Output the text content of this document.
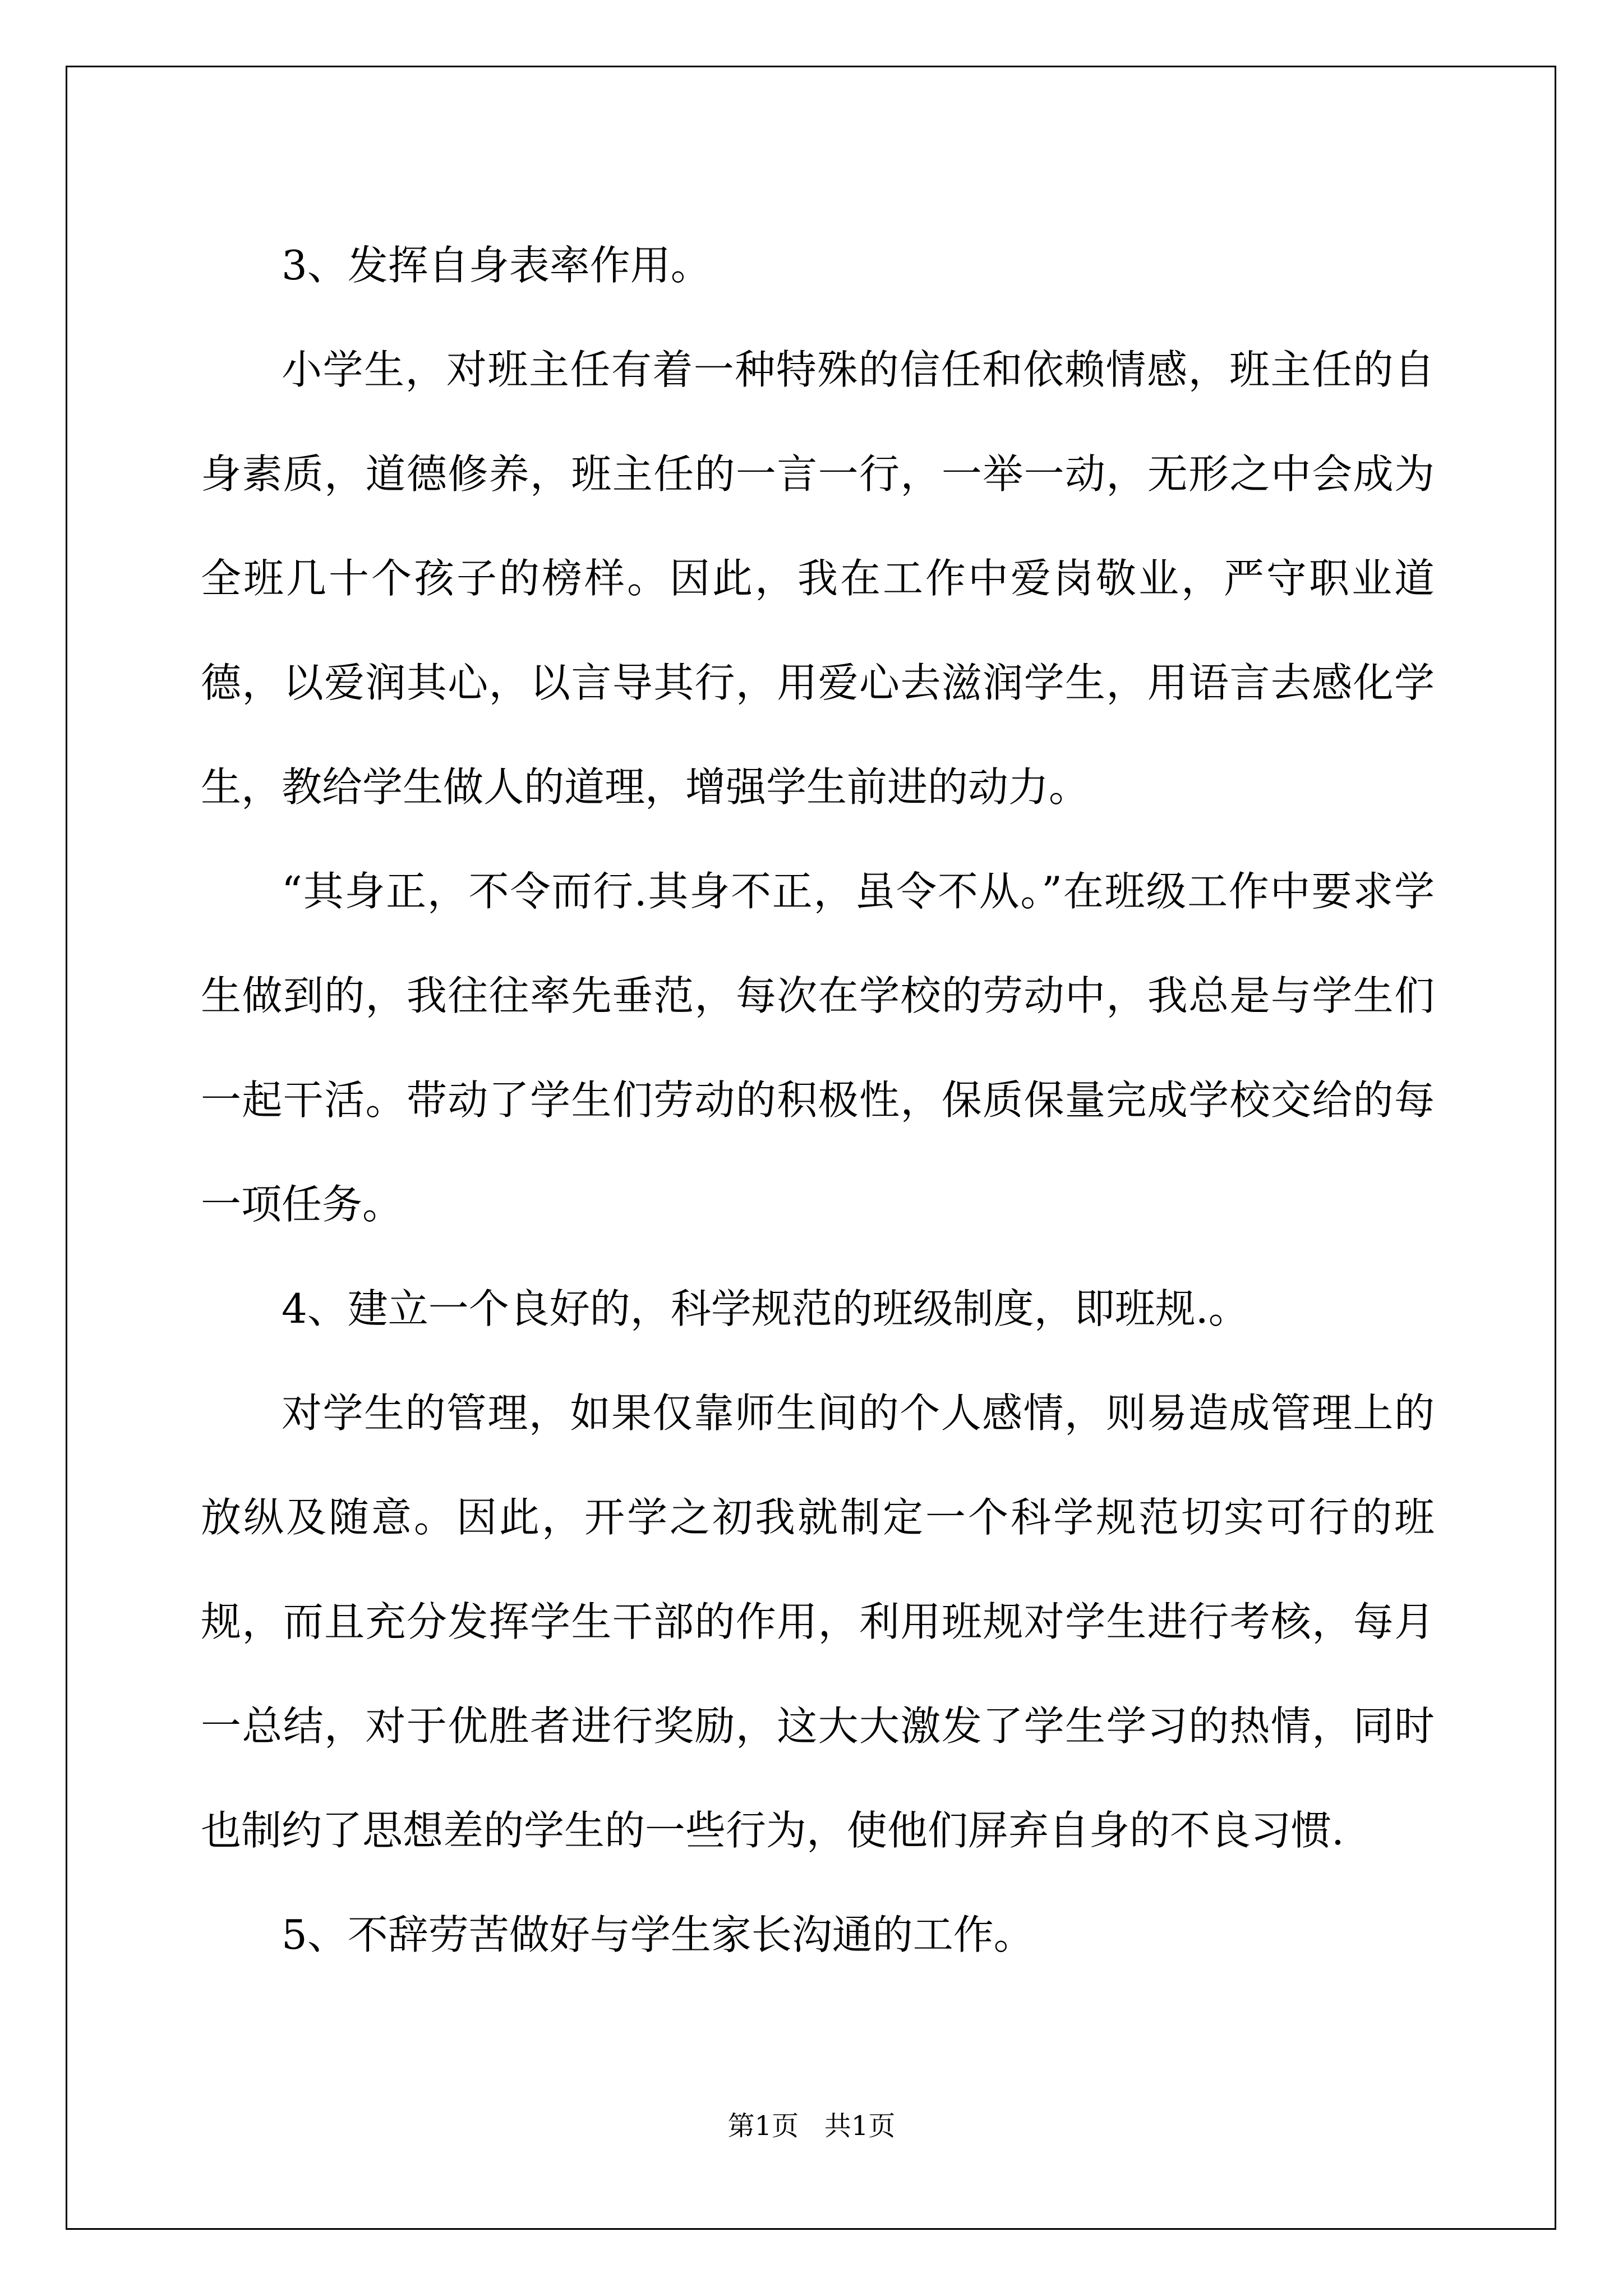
3、发挥自身表率作用。

小学生，对班主任有着一种特殊的信任和依赖情感，班主任的自身素质，道德修养，班主任的一言一行，一举一动，无形之中会成为全班几十个孩子的榜样。因此，我在工作中爱岗敬业，严守职业道德，以爱润其心，以言导其行，用爱心去滋润学生，用语言去感化学生，教给学生做人的道理，增强学生前进的动力。

“其身正，不令而行.其身不正，虽令不从。”在班级工作中要求学生做到的，我往往率先垂范，每次在学校的劳动中，我总是与学生们一起干活。带动了学生们劳动的积极性，保质保量完成学校交给的每一项任务。

4、建立一个良好的，科学规范的班级制度，即班规.。

对学生的管理，如果仅靠师生间的个人感情，则易造成管理上的放纵及随意。因此，开学之初我就制定一个科学规范切实可行的班规，而且充分发挥学生干部的作用，利用班规对学生进行考核，每月一总结，对于优胜者进行奖励，这大大激发了学生学习的热情，同时也制约了思想差的学生的一些行为，使他们屏弃自身的不良习惯.

5、不辞劳苦做好与学生家长沟通的工作。

第1页 共1页
